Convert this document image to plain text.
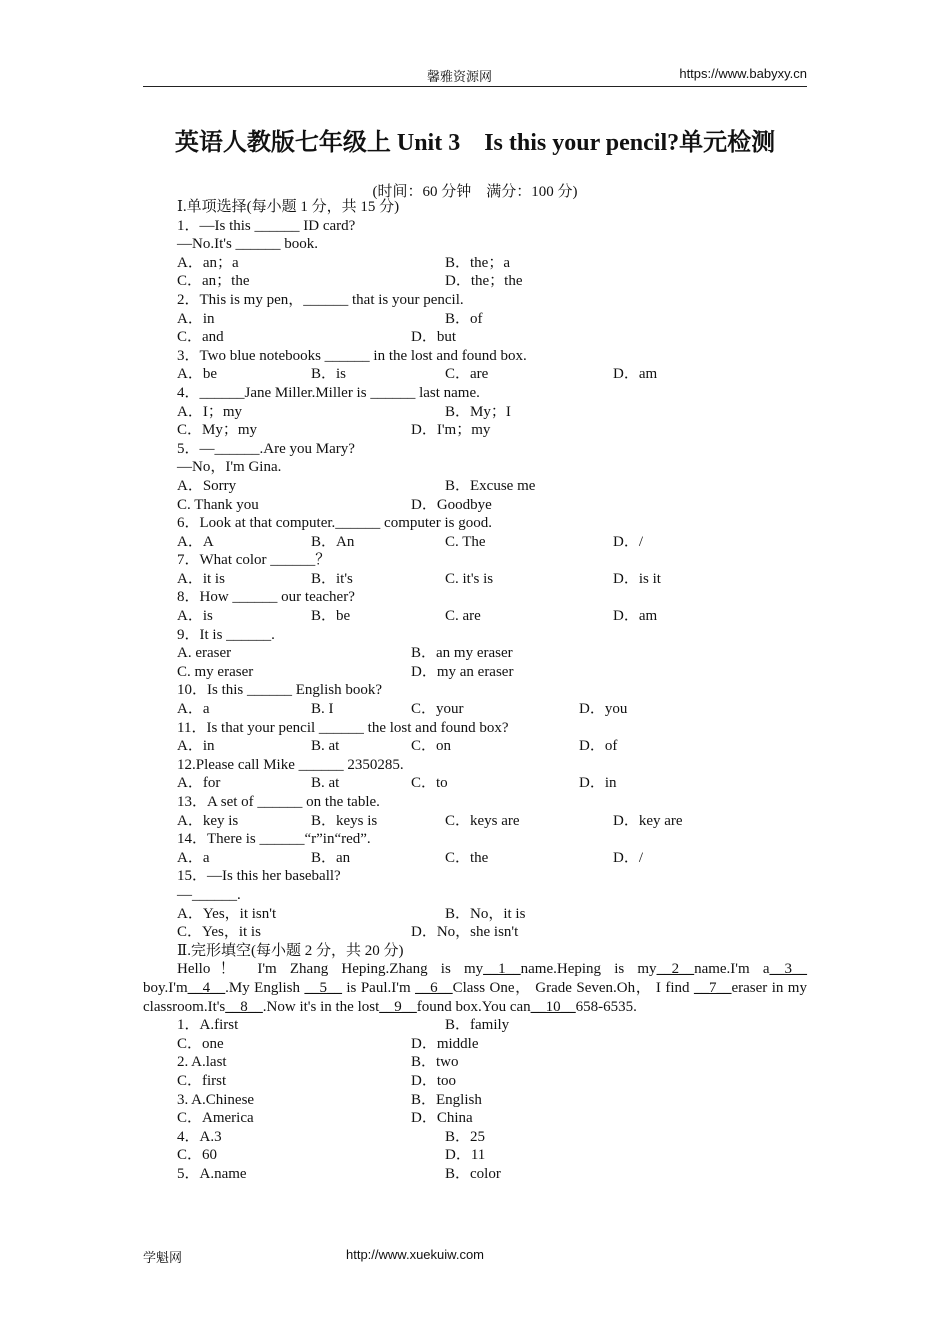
馨雅资源网	https://www.babyxy.cn
英语人教版七年级上 Unit 3　Is this your pencil?单元检测
(时间：60 分钟　满分：100 分)
Ⅰ.单项选择(每小题 1 分，共 15 分)
1．—Is this ______ ID card?
—No.It's ______ book.
A．an；a	B．the；a
C．an；the	D．the；the
2．This is my pen，______ that is your pencil.
A．in	B．of
C．and	D．but
3．Two blue notebooks ______ in the lost and found box.
A．be	B．is	C．are	D．am
4．______Jane Miller.Miller is ______ last name.
A．I；my	B．My；I
C．My；my	D．I'm；my
5．—______.Are you Mary?
—No，I'm Gina.
A．Sorry	B．Excuse me
C. Thank you	D．Goodbye
6．Look at that computer.______ computer is good.
A．A	B．An	C. The	D．/
7．What color ______？
A．it is	B．it's	C. it's is	D．is it
8．How ______ our teacher?
A．is	B．be	C. are	D．am
9．It is ______.
A. eraser	B．an my eraser
C. my eraser	D．my an eraser
10．Is this ______ English book?
A．a	B. I	C．your	D．you
11．Is that your pencil ______ the lost and found box?
A．in	B. at	C．on	D．of
12.Please call Mike ______ 2350285.
A．for	B. at	C．to	D．in
13．A set of ______ on the table.
A．key is	B．keys is	C．keys are	D．key are
14．There is ______“r”in“red”.
A．a	B．an	C．the	D．/
15．—Is this her baseball?
—______.
A．Yes，it isn't	B．No，it is
C．Yes，it is	D．No，she isn't
Ⅱ.完形填空(每小题 2 分，共 20 分)
Hello！ I'm Zhang Heping.Zhang is my__1__name.Heping is my__2__name.I'm a__3__ boy.I'm__4__.My English __5__ is Paul.I'm __6__Class One， Grade Seven.Oh， I find __7__eraser in my classroom.It's__8__.Now it's in the lost__9__found box.You can__10__658-6535.
1．A.first	B．family
C．one	D．middle
2. A.last	B．two
C．first	D．too
3. A.Chinese	B．English
C．America	D．China
4．A.3	B．25
C．60	D．11
5．A.name	B．color
学魁网	http://www.xuekuiw.com
